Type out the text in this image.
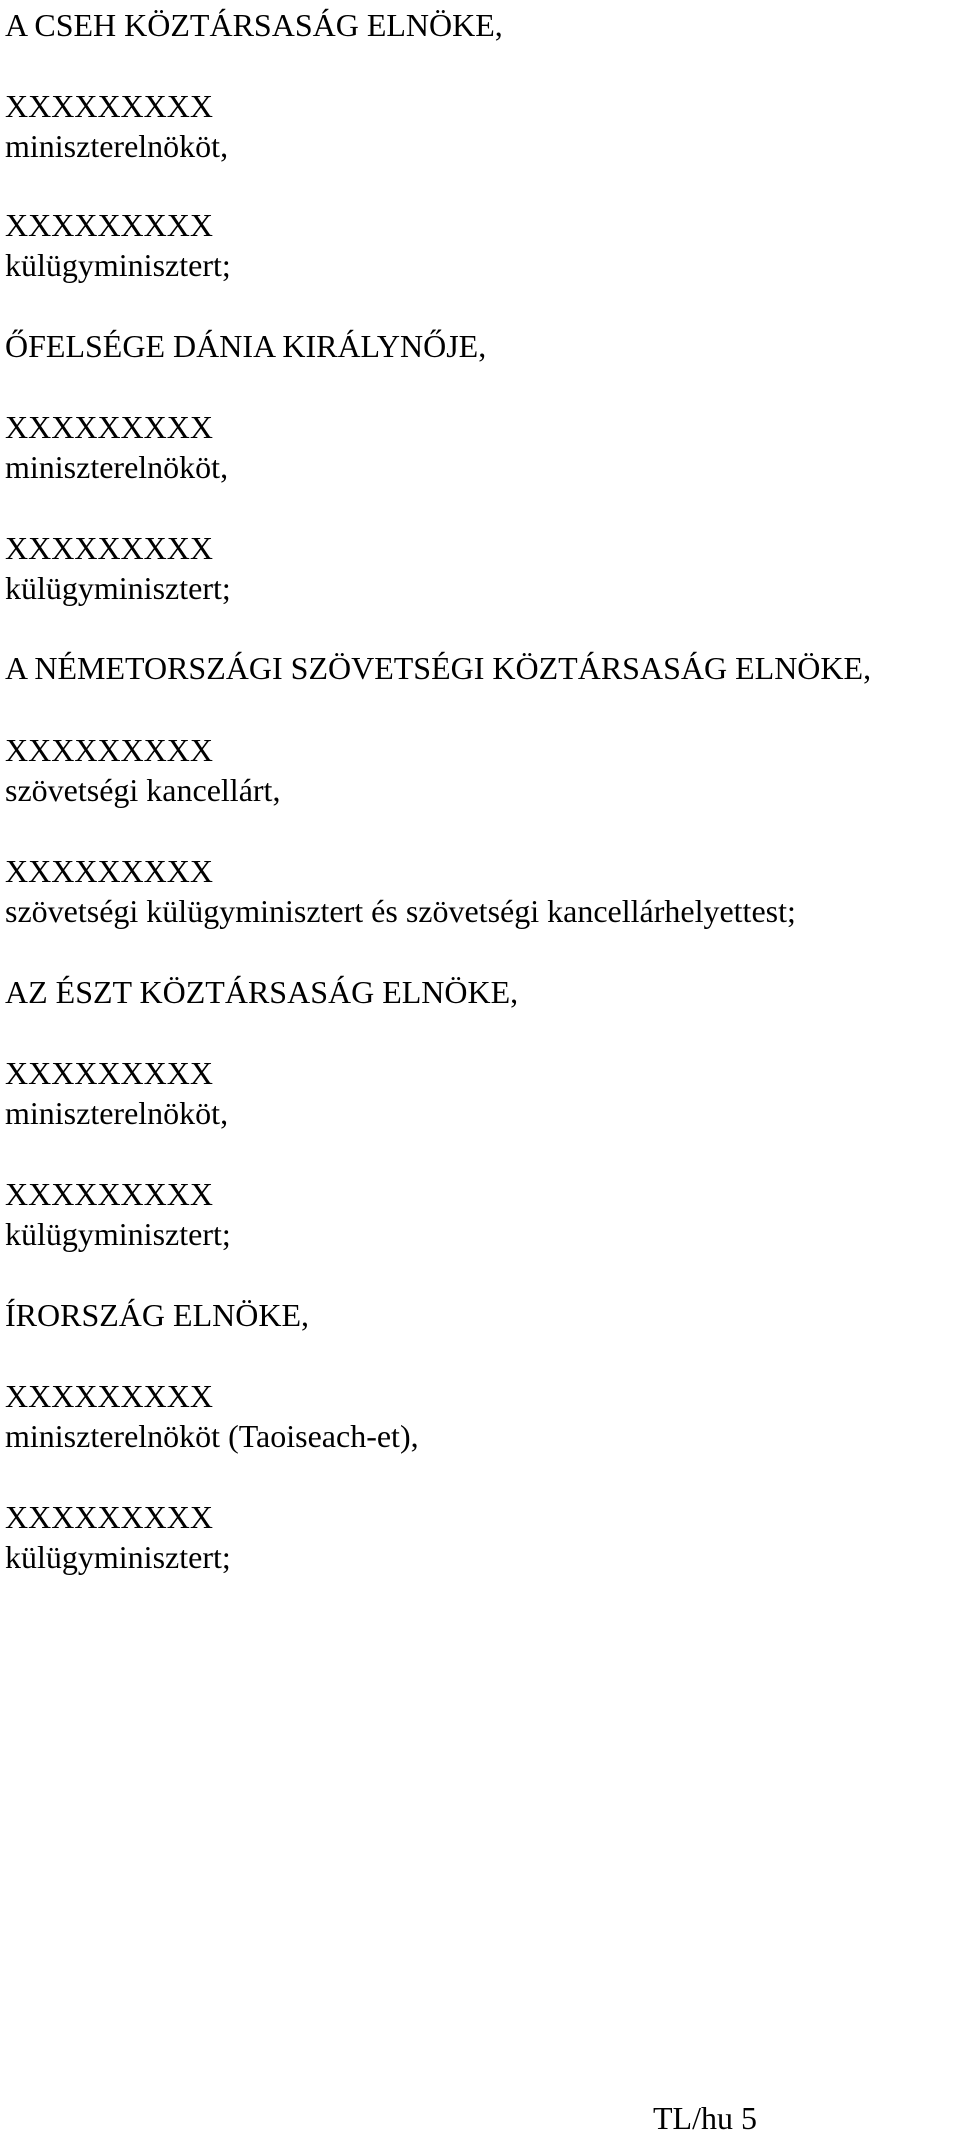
A CSEH KÖZTÁRSASÁG ELNÖKE,
XXXXXXXXX
miniszterelnököt,
XXXXXXXXX
külügyminisztert;
ŐFELSÉGE DÁNIA KIRÁLYNŐJE,
XXXXXXXXX
miniszterelnököt,
XXXXXXXXX
külügyminisztert;
A NÉMETORSZÁGI SZÖVETSÉGI KÖZTÁRSASÁG ELNÖKE,
XXXXXXXXX
szövetségi kancellárt,
XXXXXXXXX
szövetségi külügyminisztert és szövetségi kancellárhelyettest;
AZ ÉSZT KÖZTÁRSASÁG ELNÖKE,
XXXXXXXXX
miniszterelnököt,
XXXXXXXXX
külügyminisztert;
ÍRORSZÁG ELNÖKE,
XXXXXXXXX
miniszterelnököt (Taoiseach-et),
XXXXXXXXX
külügyminisztert;
TL/hu 5
